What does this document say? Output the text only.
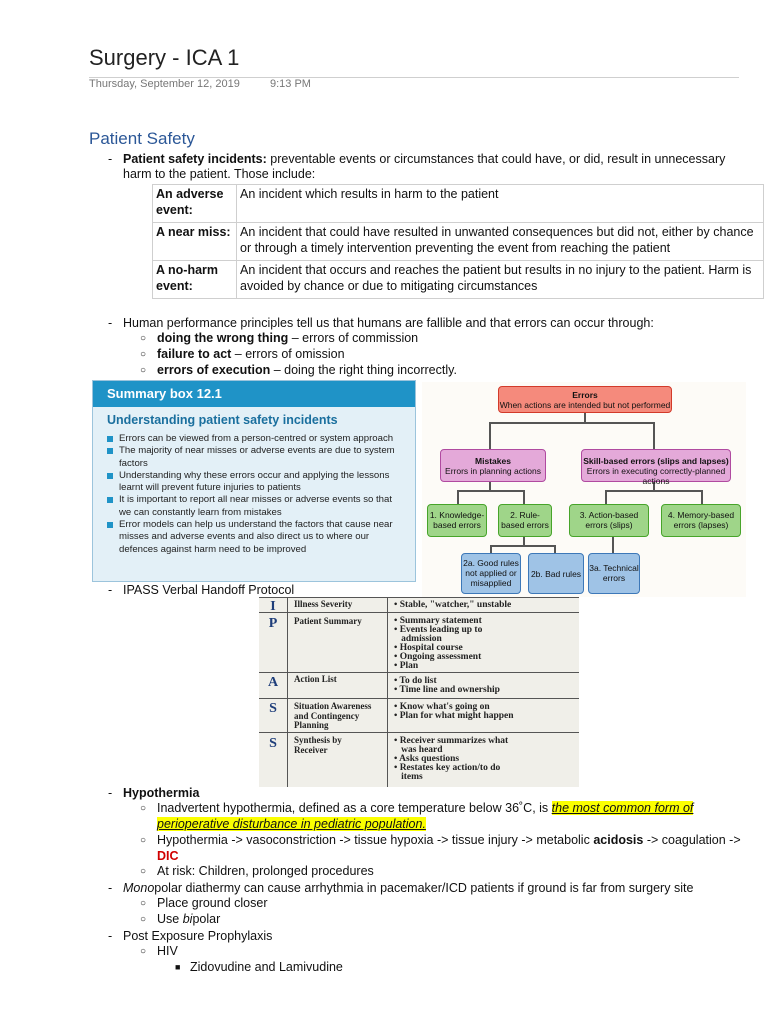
Surgery - ICA 1
Thursday, September 12, 2019	9:13 PM
Patient Safety
- Patient safety incidents: preventable events or circumstances that could have, or did, result in unnecessary
harm to the patient. Those include:
An adverse event:	An incident which results in harm to the patient
A near miss:	An incident that could have resulted in unwanted consequences but did not, either by chance or through a timely intervention preventing the event from reaching the patient
A no-harm event:	An incident that occurs and reaches the patient but results in no injury to the patient. Harm is avoided by chance or due to mitigating circumstances
- Human performance principles tell us that humans are fallible and that errors can occur through:
○ doing the wrong thing – errors of commission
○ failure to act – errors of omission
○ errors of execution – doing the right thing incorrectly.
Summary box 12.1
Understanding patient safety incidents
Errors can be viewed from a person-centred or system approach
The majority of near misses or adverse events are due to system factors
Understanding why these errors occur and applying the lessons learnt will prevent future injuries to patients
It is important to report all near misses or adverse events so that we can constantly learn from mistakes
Error models can help us understand the factors that cause near misses and adverse events and also direct us to where our defences against harm need to be improved
Errors
When actions are intended but not performed
Mistakes
Errors in planning actions
Skill-based errors (slips and lapses)
Errors in executing correctly-planned actions
1. Knowledge-based errors
2. Rule-based errors
3. Action-based errors (slips)
4. Memory-based errors (lapses)
2a. Good rules not applied or misapplied
2b. Bad rules
3a. Technical errors
- IPASS Verbal Handoff Protocol
I	Illness Severity	• Stable, "watcher," unstable
P	Patient Summary	• Summary statement
• Events leading up to
admission
• Hospital course
• Ongoing assessment
• Plan
A	Action List	• To do list
• Time line and ownership
S	Situation Awareness and Contingency Planning
• Know what's going on
• Plan for what might happen
S	Synthesis by Receiver
• Receiver summarizes what
was heard
• Asks questions
• Restates key action/to do
items
- Hypothermia
○ Inadvertent hypothermia, defined as a core temperature below 36˚C, is the most common form of
perioperative disturbance in pediatric population.
○ Hypothermia -> vasoconstriction -> tissue hypoxia -> tissue injury -> metabolic acidosis -> coagulation ->
DIC
○ At risk: Children, prolonged procedures
- Monopolar diathermy can cause arrhythmia in pacemaker/ICD patients if ground is far from surgery site
○ Place ground closer
○ Use bipolar
- Post Exposure Prophylaxis
○ HIV
■ Zidovudine and Lamivudine
